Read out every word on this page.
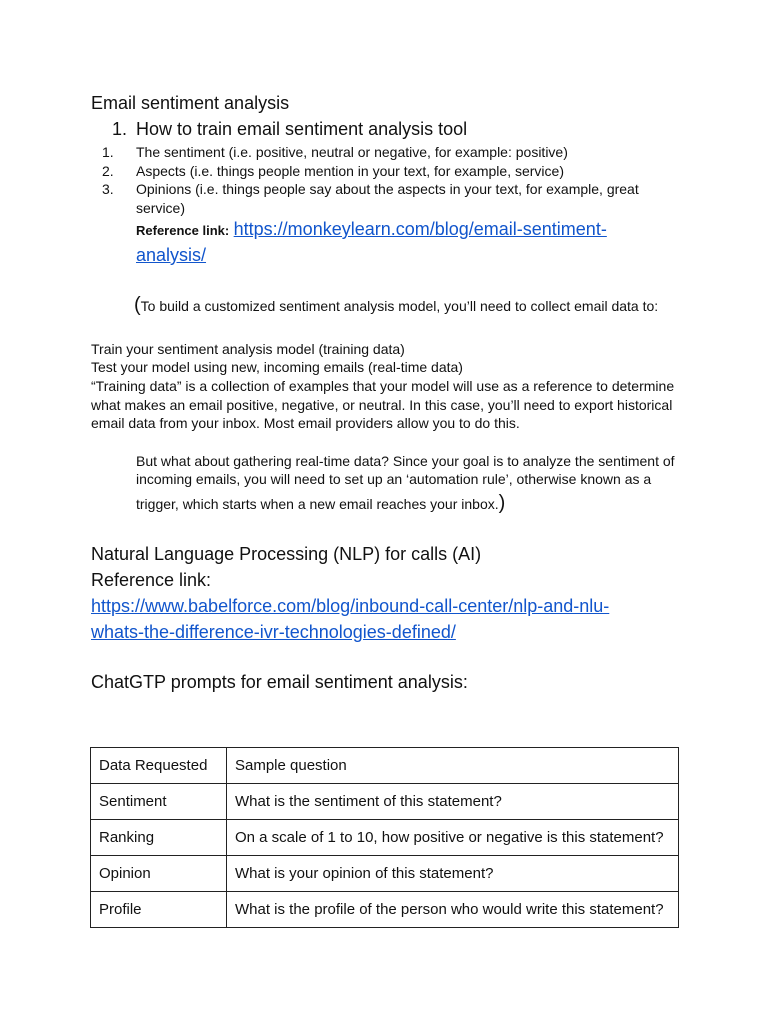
Email sentiment analysis
1. How to train email sentiment analysis tool
1. The sentiment (i.e. positive, neutral or negative, for example: positive)
2. Aspects (i.e. things people mention in your text, for example, service)
3. Opinions (i.e. things people say about the aspects in your text, for example, great
service)
Reference link: https://monkeylearn.com/blog/email-sentiment-
analysis/
(To build a customized sentiment analysis model, you’ll need to collect email data to:
Train your sentiment analysis model (training data)
Test your model using new, incoming emails (real-time data)
“Training data” is a collection of examples that your model will use as a reference to determine
what makes an email positive, negative, or neutral. In this case, you’ll need to export historical
email data from your inbox. Most email providers allow you to do this.
But what about gathering real-time data? Since your goal is to analyze the sentiment of
incoming emails, you will need to set up an ‘automation rule’, otherwise known as a
trigger, which starts when a new email reaches your inbox.)
Natural Language Processing (NLP) for calls (AI)
Reference link:
https://www.babelforce.com/blog/inbound-call-center/nlp-and-nlu-
whats-the-difference-ivr-technologies-defined/
ChatGTP prompts for email sentiment analysis:
Data Requested	Sample question
Sentiment	What is the sentiment of this statement?
Ranking	On a scale of 1 to 10, how positive or negative is this statement?
Opinion	What is your opinion of this statement?
Profile	What is the profile of the person who would write this statement?
